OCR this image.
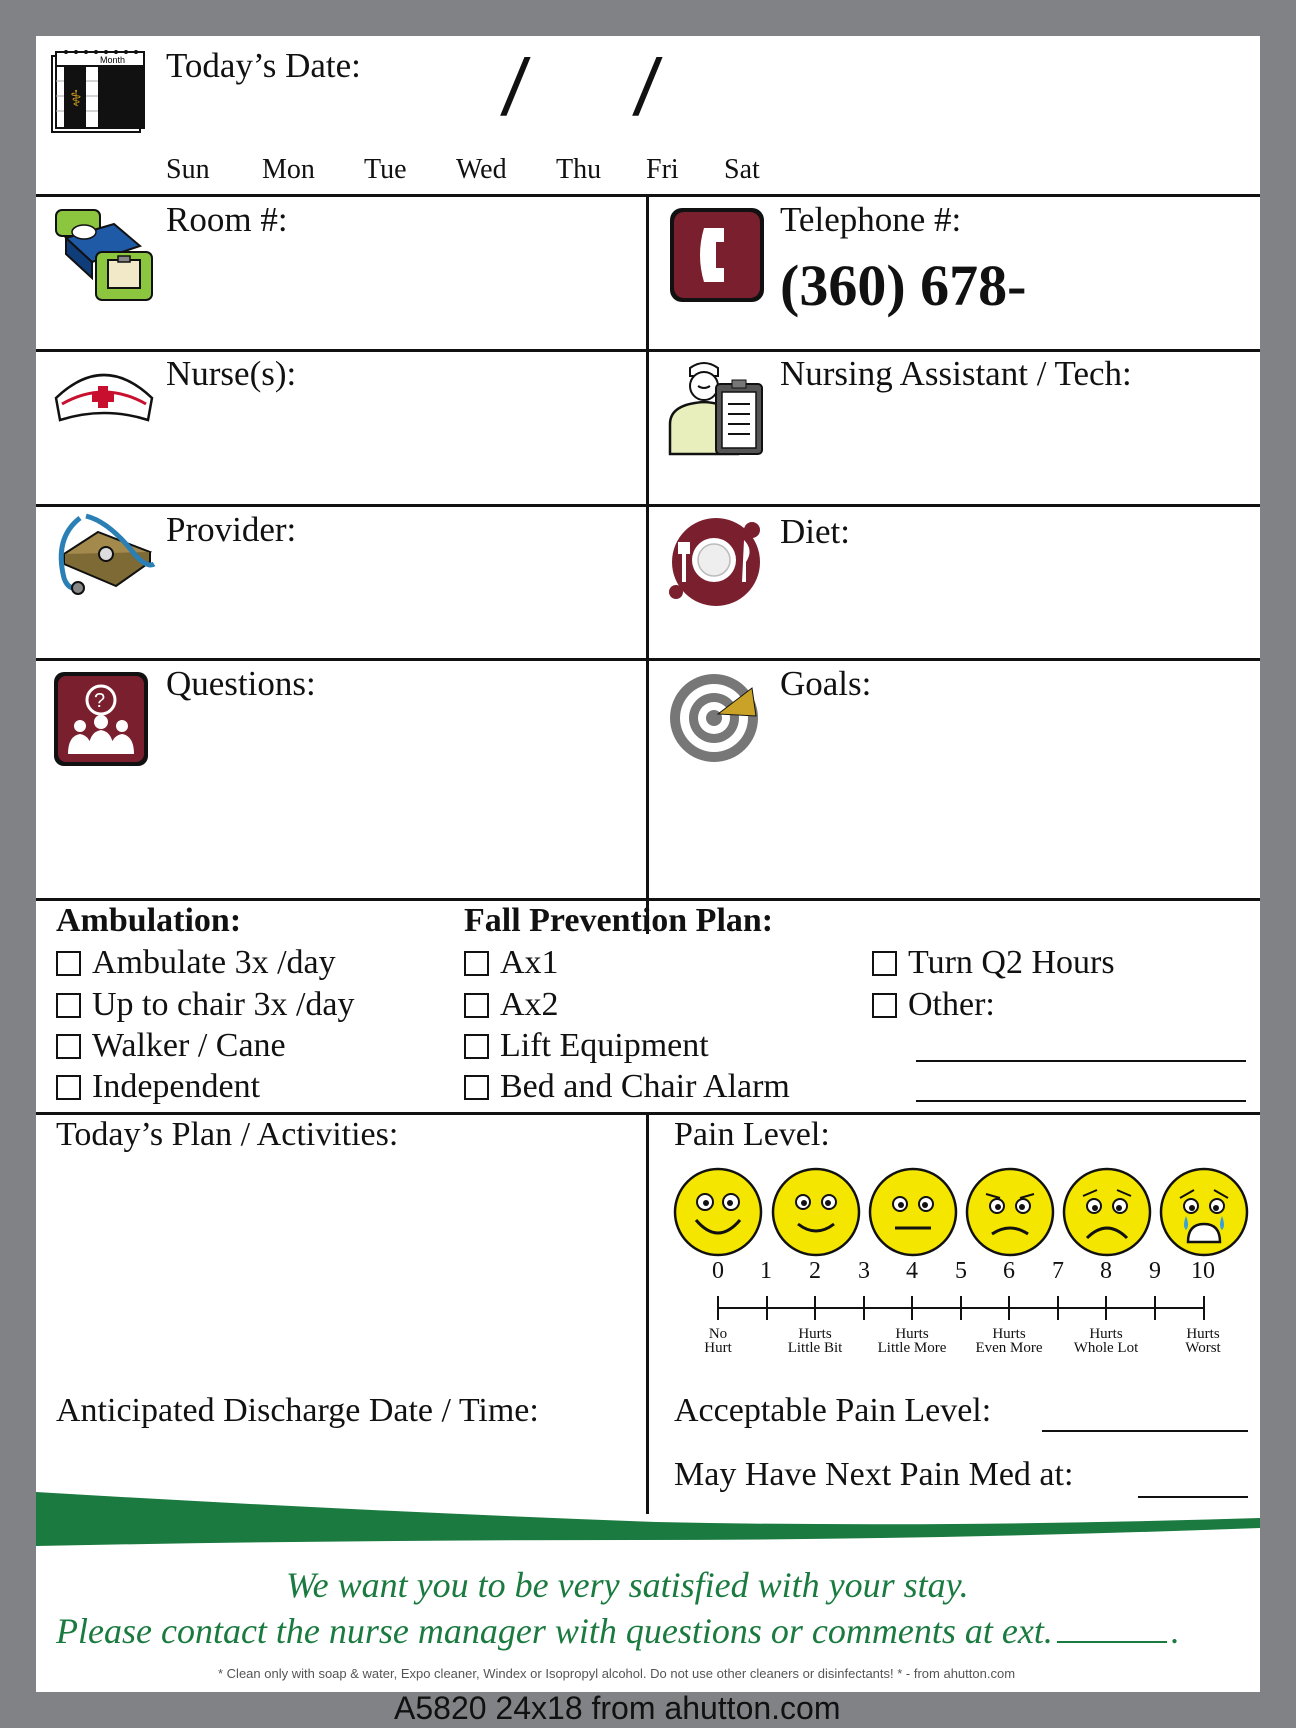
Month
⚕
Today’s Date: / /
Sun Mon Tue Wed Thu Fri Sat
Room #:	Telephone #:
(360) 678-
Nurse(s):	Nursing Assistant / Tech:
Provider:	Diet:
? Questions:	Goals:
Ambulation:
Ambulate 3x /day
Up to chair 3x /day
Walker / Cane
Independent
Fall Prevention Plan:
Ax1
Ax2
Lift Equipment
Bed and Chair Alarm
Turn Q2 Hours
Other:
Today’s Plan / Activities:
Anticipated Discharge Date / Time:
Pain Level:
0	1	2	3	4	5	6	7	8	9	10
No
Hurt
Hurts
Little Bit
Hurts
Little More
Hurts
Even More
Hurts
Whole Lot
Hurts
Worst
Acceptable Pain Level:
May Have Next Pain Med at:
We want you to be very satisfied with your stay.
Please contact the nurse manager with questions or comments at ext.	.
* Clean only with soap & water, Expo cleaner, Windex or Isopropyl alcohol. Do not use other cleaners or disinfectants! * - from ahutton.com
A5820 24x18 from ahutton.com
